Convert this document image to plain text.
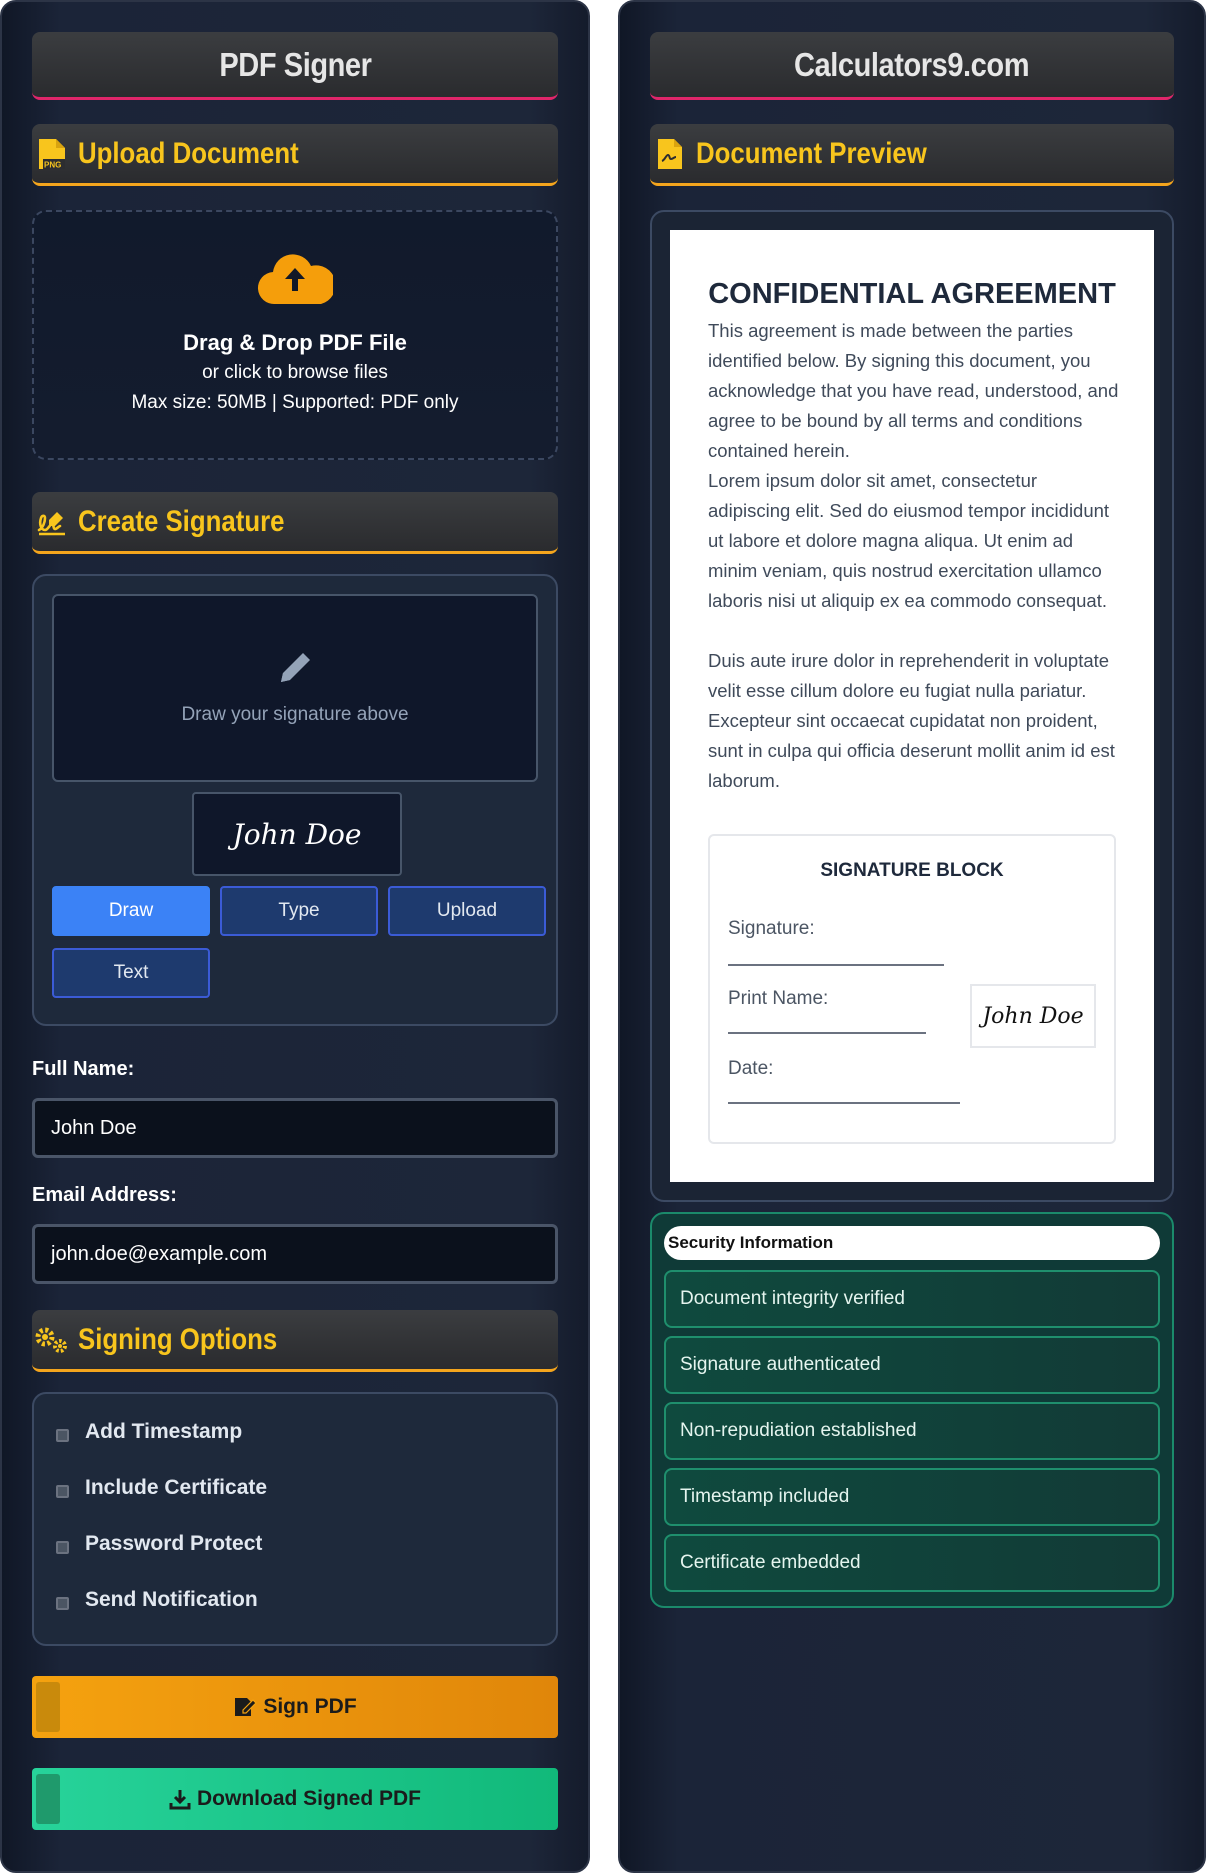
PDF Signer
PNG Upload Document
Drag & Drop PDF File
or click to browse files
Max size: 50MB | Supported: PDF only
Create Signature
Draw your signature above
John Doe
Draw	Type	Upload
Text
Full Name:
John Doe
Email Address:
john.doe@example.com
Signing Options
Add Timestamp
Include Certificate
Password Protect
Send Notification
Sign PDF
Download Signed PDF
Calculators9.com
Document Preview
CONFIDENTIAL AGREEMENT
This agreement is made between the parties identified below. By signing this document, you acknowledge that you have read, understood, and agree to be bound by all terms and conditions contained herein.
Lorem ipsum dolor sit amet, consectetur adipiscing elit. Sed do eiusmod tempor incididunt ut labore et dolore magna aliqua. Ut enim ad minim veniam, quis nostrud exercitation ullamco laboris nisi ut aliquip ex ea commodo consequat.
Duis aute irure dolor in reprehenderit in voluptate velit esse cillum dolore eu fugiat nulla pariatur. Excepteur sint occaecat cupidatat non proident, sunt in culpa qui officia deserunt mollit anim id est laborum.
SIGNATURE BLOCK
Signature:
Print Name:
Date:
John Doe
Security Information
Document integrity verified
Signature authenticated
Non-repudiation established
Timestamp included
Certificate embedded
